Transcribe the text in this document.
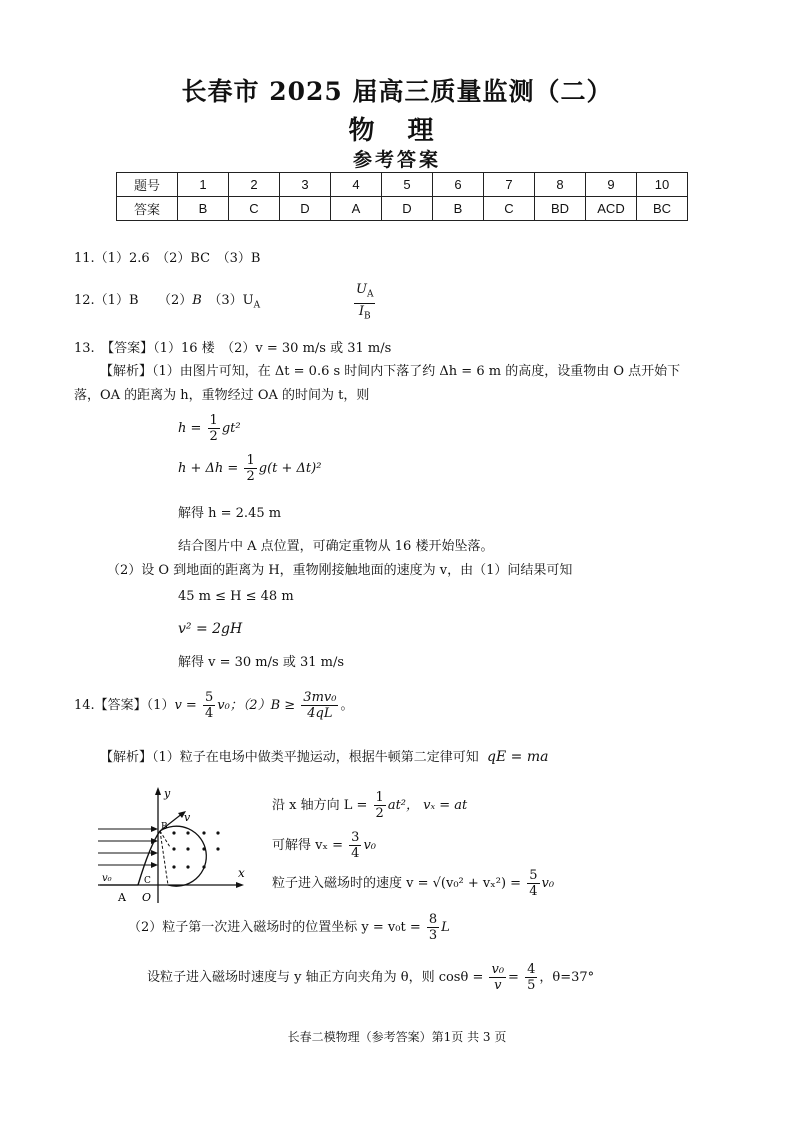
长春市 2025 届高三质量监测（二）
物 理
参考答案
题号	1	2	3	4	5	6	7	8	9	10
答案	B	C	D	A	D	B	C	BD	ACD	BC
11.（1）2.6　（2）BC　（3）B
12.（1）B　　（2）B　$(3)U_A$	$\frac{U_A}{I_B}$
13.　【答案】（1）16 楼　（2）v = 30 m/s 或 31 m/s
【解析】（1）由图片可知，在 Δt = 0.6 s 时间内下落了约 Δh = 6 m 的高度，设重物由 O 点开始下
落，OA 的距离为 h，重物经过 OA 的时间为 t，则
$h = \frac{1}{2} gt^2$
$h + \Delta h = \frac{1}{2} g(t + \Delta t)^2$
解得 h = 2.45 m
结合图片中 A 点位置，可确定重物从 16 楼开始坠落。
（2）设 O 到地面的距离为 H，重物刚接触地面的速度为 v，由（1）问结果可知
45 m ≤ H ≤ 48 m
v² = 2gH
解得 v = 30 m/s 或 31 m/s
14.【答案】$(1)v = \frac{5}{4} v_0$；$(2)B \ge \frac{\text{3mv₀}}{4qL}$ 。
【解析】（1）粒子在电场中做类平抛运动，根据牛顿第二定律可知 qE = ma
y
x
v
B
C
A O
v₀
沿 x 轴方向 $L = \frac{1}{2} at^2$， vₓ = at
可解得 $v_x = \frac{3}{4} v_0$
粒子进入磁场时的速度 $v = √(v_0^2 + v_x^2) = \frac{5}{4} v_0$
（2）粒子第一次进入磁场时的位置坐标 $y = v_0t = \frac{8}{3}$ L
设粒子进入磁场时速度与 y 轴正方向夹角为 θ，则 $\cos\theta = \frac{\text{v₀}}{v} = \frac{4}{5}$ ，θ=37°
长春二模物理（参考答案）第1页 共 3 页
